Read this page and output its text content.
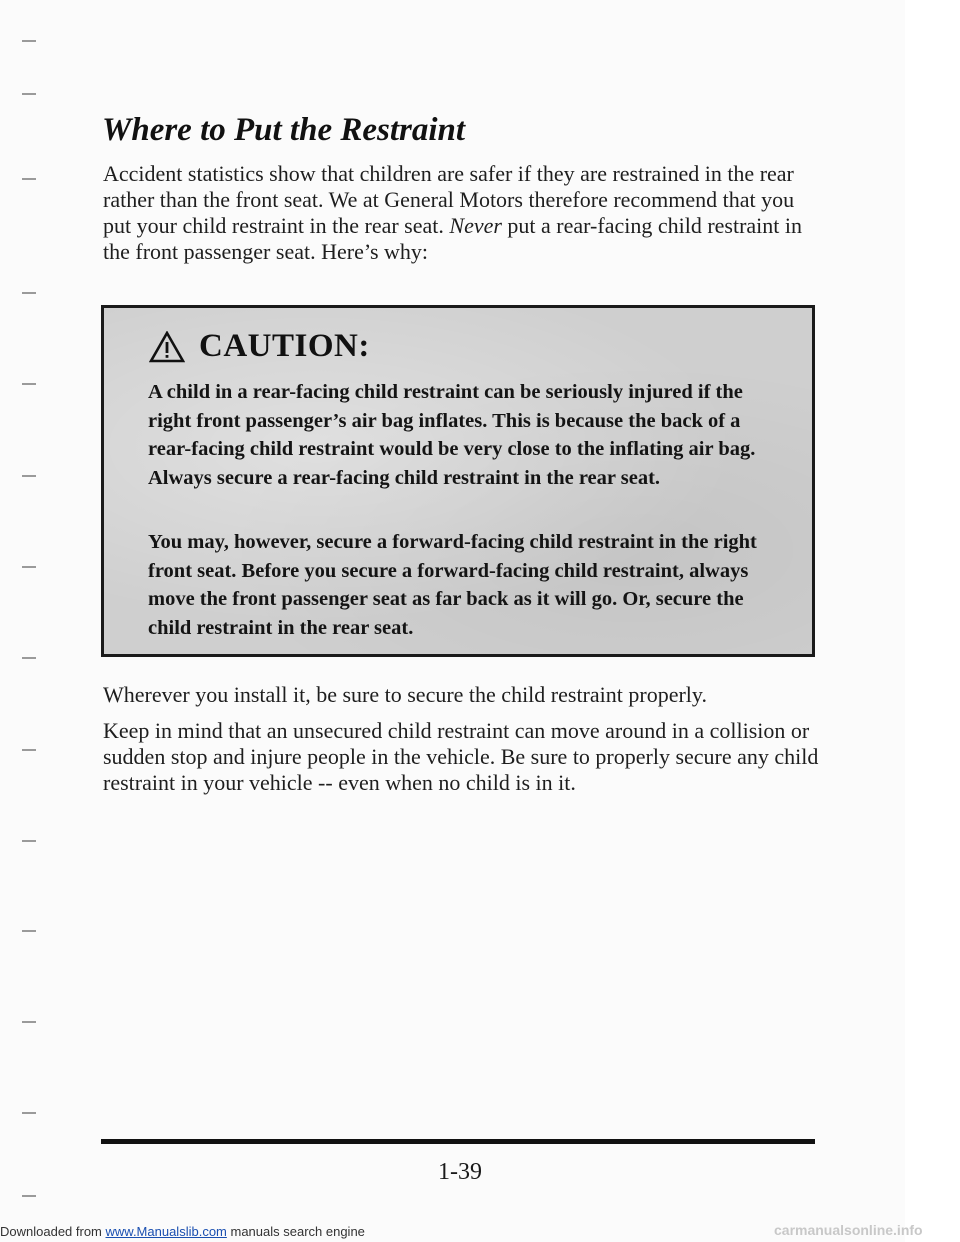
Where to Put the Restraint

Accident statistics show that children are safer if they are restrained in the rear rather than the front seat. We at General Motors therefore recommend that you put your child restraint in the rear seat. Never put a rear-facing child restraint in the front passenger seat. Here’s why:

CAUTION:

A child in a rear-facing child restraint can be seriously injured if the right front passenger’s air bag inflates. This is because the back of a rear-facing child restraint would be very close to the inflating air bag. Always secure a rear-facing child restraint in the rear seat.

You may, however, secure a forward-facing child restraint in the right front seat. Before you secure a forward-facing child restraint, always move the front passenger seat as far back as it will go. Or, secure the child restraint in the rear seat.

Wherever you install it, be sure to secure the child restraint properly.

Keep in mind that an unsecured child restraint can move around in a collision or sudden stop and injure people in the vehicle. Be sure to properly secure any child restraint in your vehicle -- even when no child is in it.

1-39
Downloaded from www.Manualslib.com manuals search engine	carmanualsonline.info
